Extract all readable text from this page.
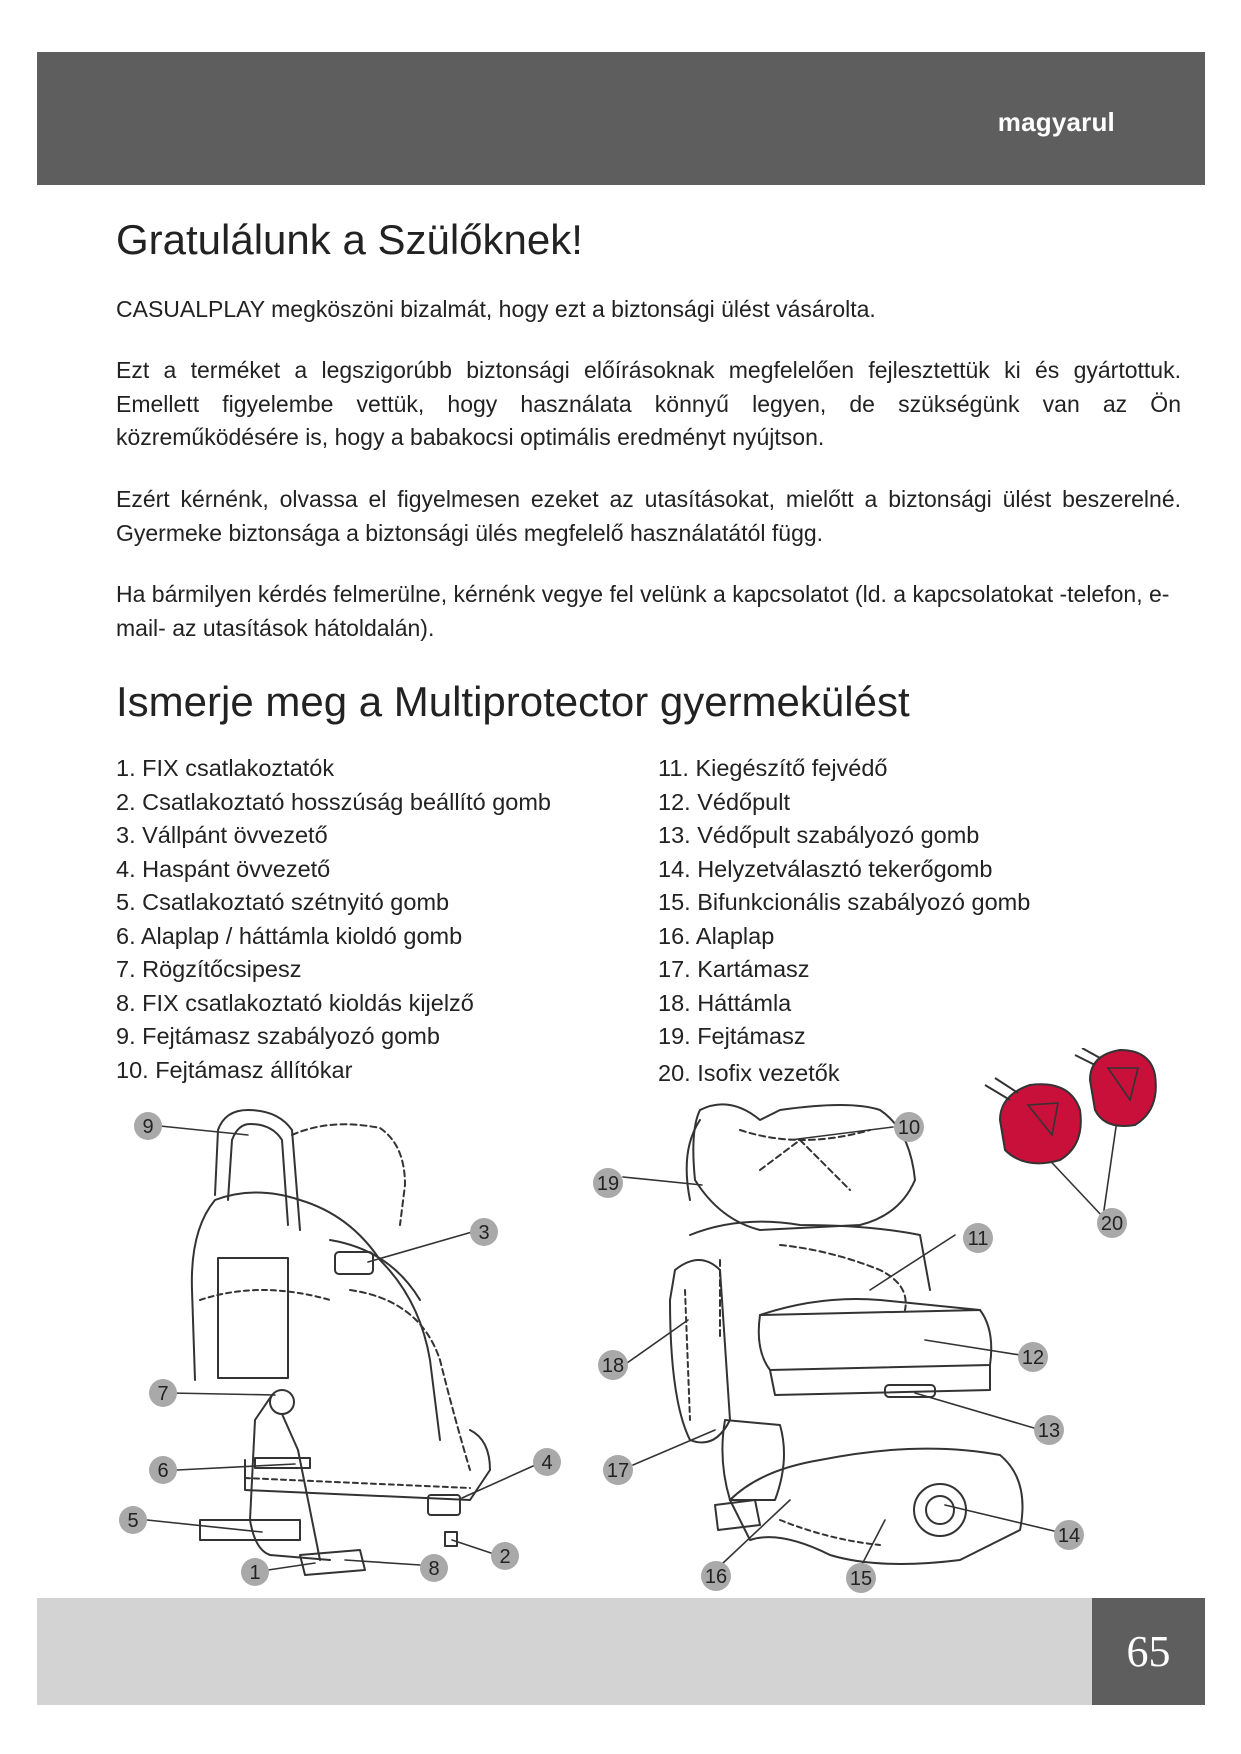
magyarul
Gratulálunk a Szülőknek!

CASUALPLAY megköszöni bizalmát, hogy ezt a biztonsági ülést vásárolta.

Ezt a terméket a legszigorúbb biztonsági előírásoknak megfelelően fejlesztettük ki és gyártottuk. Emellett figyelembe vettük, hogy használata könnyű legyen, de szükségünk van az Ön közreműködésére is, hogy a babakocsi optimális eredményt nyújtson.

Ezért kérnénk, olvassa el figyelmesen ezeket az utasításokat, mielőtt a biztonsági ülést beszerelné. Gyermeke biztonsága a biztonsági ülés megfelelő használatától függ.

Ha bármilyen kérdés felmerülne, kérnénk vegye fel velünk a kapcsolatot (ld. a kapcsolatokat -telefon, e-mail- az utasítások hátoldalán).

Ismerje meg a Multiprotector gyermekülést
1. FIX csatlakoztatók
2. Csatlakoztató hosszúság beállító gomb
3. Vállpánt övvezető
4. Haspánt övvezető
5. Csatlakoztató szétnyitó gomb
6. Alaplap / háttámla kioldó gomb
7. Rögzítőcsipesz
8. FIX csatlakoztató kioldás kijelző
9. Fejtámasz szabályozó gomb
10. Fejtámasz állítókar
11. Kiegészítő fejvédő
12. Védőpult
13. Védőpult szabályozó gomb
14. Helyzetválasztó tekerőgomb
15. Bifunkcionális szabályozó gomb
16. Alaplap
17. Kartámasz
18. Háttámla
19. Fejtámasz
20. Isofix vezetők
9
3
7
6	4
5
2
8
1
10
19
20
11
18	12
13
17
14
16	15
65
